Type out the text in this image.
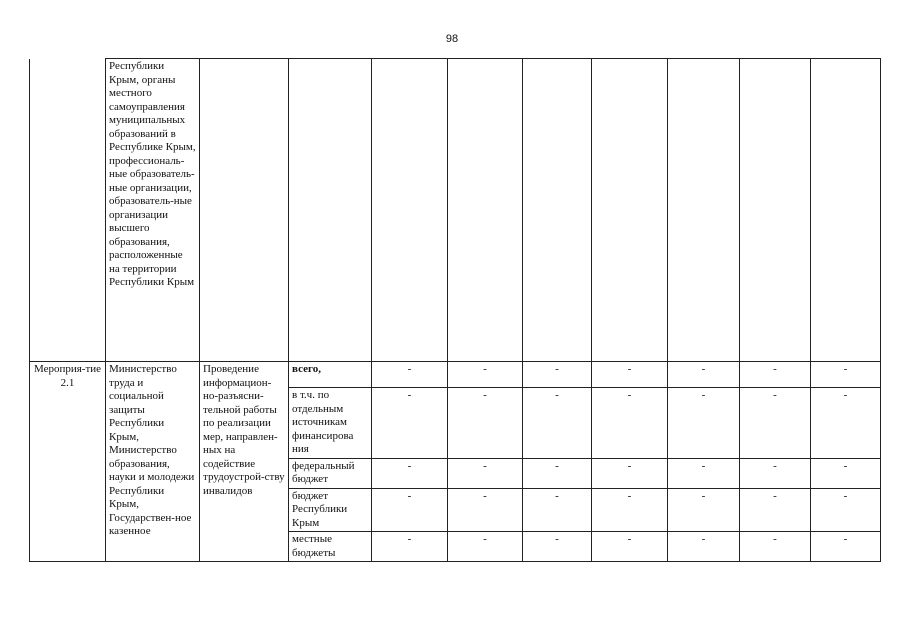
98
	Республики Крым, органы местного самоуправления муниципальных образований в Республике Крым, профессиональ-ные образователь-ные организации, образователь-ные организации высшего образования, расположенные на территории Республики Крым									
Мероприя-тие 2.1	Министерство труда и социальной защиты Республики Крым, Министерство образования, науки и молодежи Республики Крым, Государствен-ное казенное	Проведение информацион-но-разъясни-тельной работы по реализации мер, направлен-ных на содействие трудоустрой-ству инвалидов	всего,	-	-	-	-	-	-	-
			в т.ч. по отдельным источникам финансирова ния	-	-	-	-	-	-	-
			федеральный бюджет	-	-	-	-	-	-	-
			бюджет Республики Крым	-	-	-	-	-	-	-
			местные бюджеты	-	-	-	-	-	-	-
